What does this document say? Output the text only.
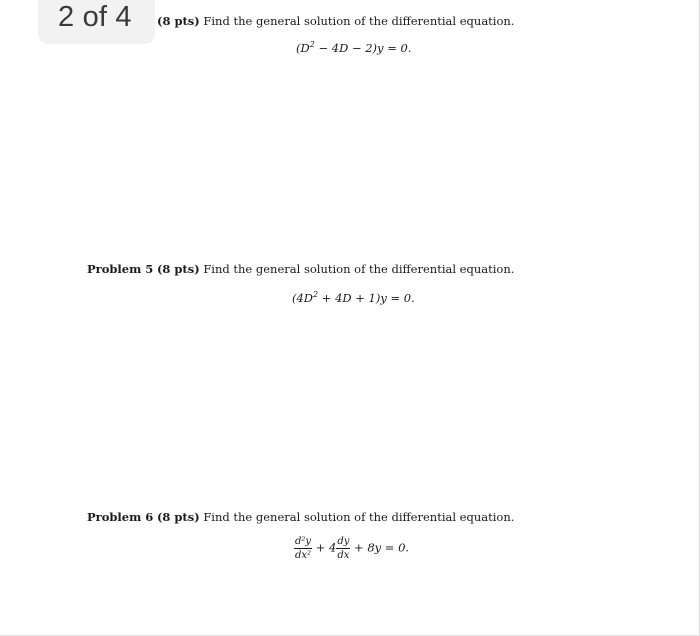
2 of 4	(8 pts) Find the general solution of the differential equation.
$(D^2 - 4D - 2)y = 0$.
Problem 5 (8 pts) Find the general solution of the differential equation.
$(4D^2 + 4D + 1)y = 0$.
Problem 6 (8 pts) Find the general solution of the differential equation.
$\frac{\text{d²y}}{\text{dx²}} + 4 \frac{dy}{dx} + 8y = 0$.
